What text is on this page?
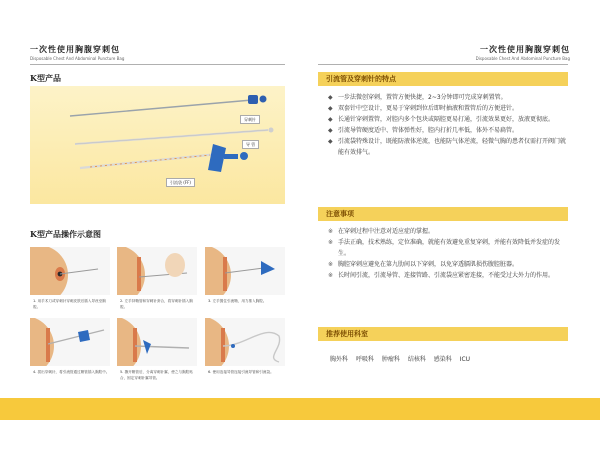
一次性使用胸腹穿刺包
Disposable Chest And Abdominal Puncture Bag
一次性使用胸腹穿刺包
Disposable Chest And Abdominal Puncture Bag
K型产品
穿刺针
导 管
引流袋 (FF)
K型产品操作示意图
1. 用手术刀或穿刺针穿刺皮肤后插入导丝至胸腔。
2. 左手持鞘管和穿刺针套合，将穿刺针插入胸腔。
3. 左手握住引流鞘，用力推入胸腔。
4. 拔出穿刺针，将引流管通过鞘管插入胸腔中。	5. 撕开鞘管后，分离穿刺针翼，使之与胸腔贴合，固定穿刺针翼导管。
6. 使用连接导管连接引流导管和引流袋。
引流管及穿刺针的特点
◆ 一步法微创穿刺，置管方便快捷，2~3分钟即可完成穿刺置管。
◆ 双套针中空设计，更易于穿刺到位后即时抽液和置管后的方便进针。
◆ 长通针穿刺置管，对腔内多个包块或隔腔更易打通，引流效果更好，放液更彻底。
◆ 引流导管硬度适中、管体弹性好，腔内打折几率低，体外不易扁管。
◆ 引流袋特殊设计，既能防液体逆流，也能防气体逆流，轻微气胸的患者仅需打开阀门就能有效排气。
注意事项
※ 在穿刺过程中注意对适应症的掌握。
※ 手法正确，技术熟练，定位准确，就能有效避免重复穿刺，并能有效降低并发症的发生。
※ 胸腔穿刺应避免在第九肋间以下穿刺，以免穿透膈肌损伤腹腔脏器。
※ 长时间引流，引流导管、连接管路、引流袋应紧密连接，不能受过大外力的作用。
推荐使用科室
胸外科 呼吸科 肿瘤科 结核科 感染科 ICU
